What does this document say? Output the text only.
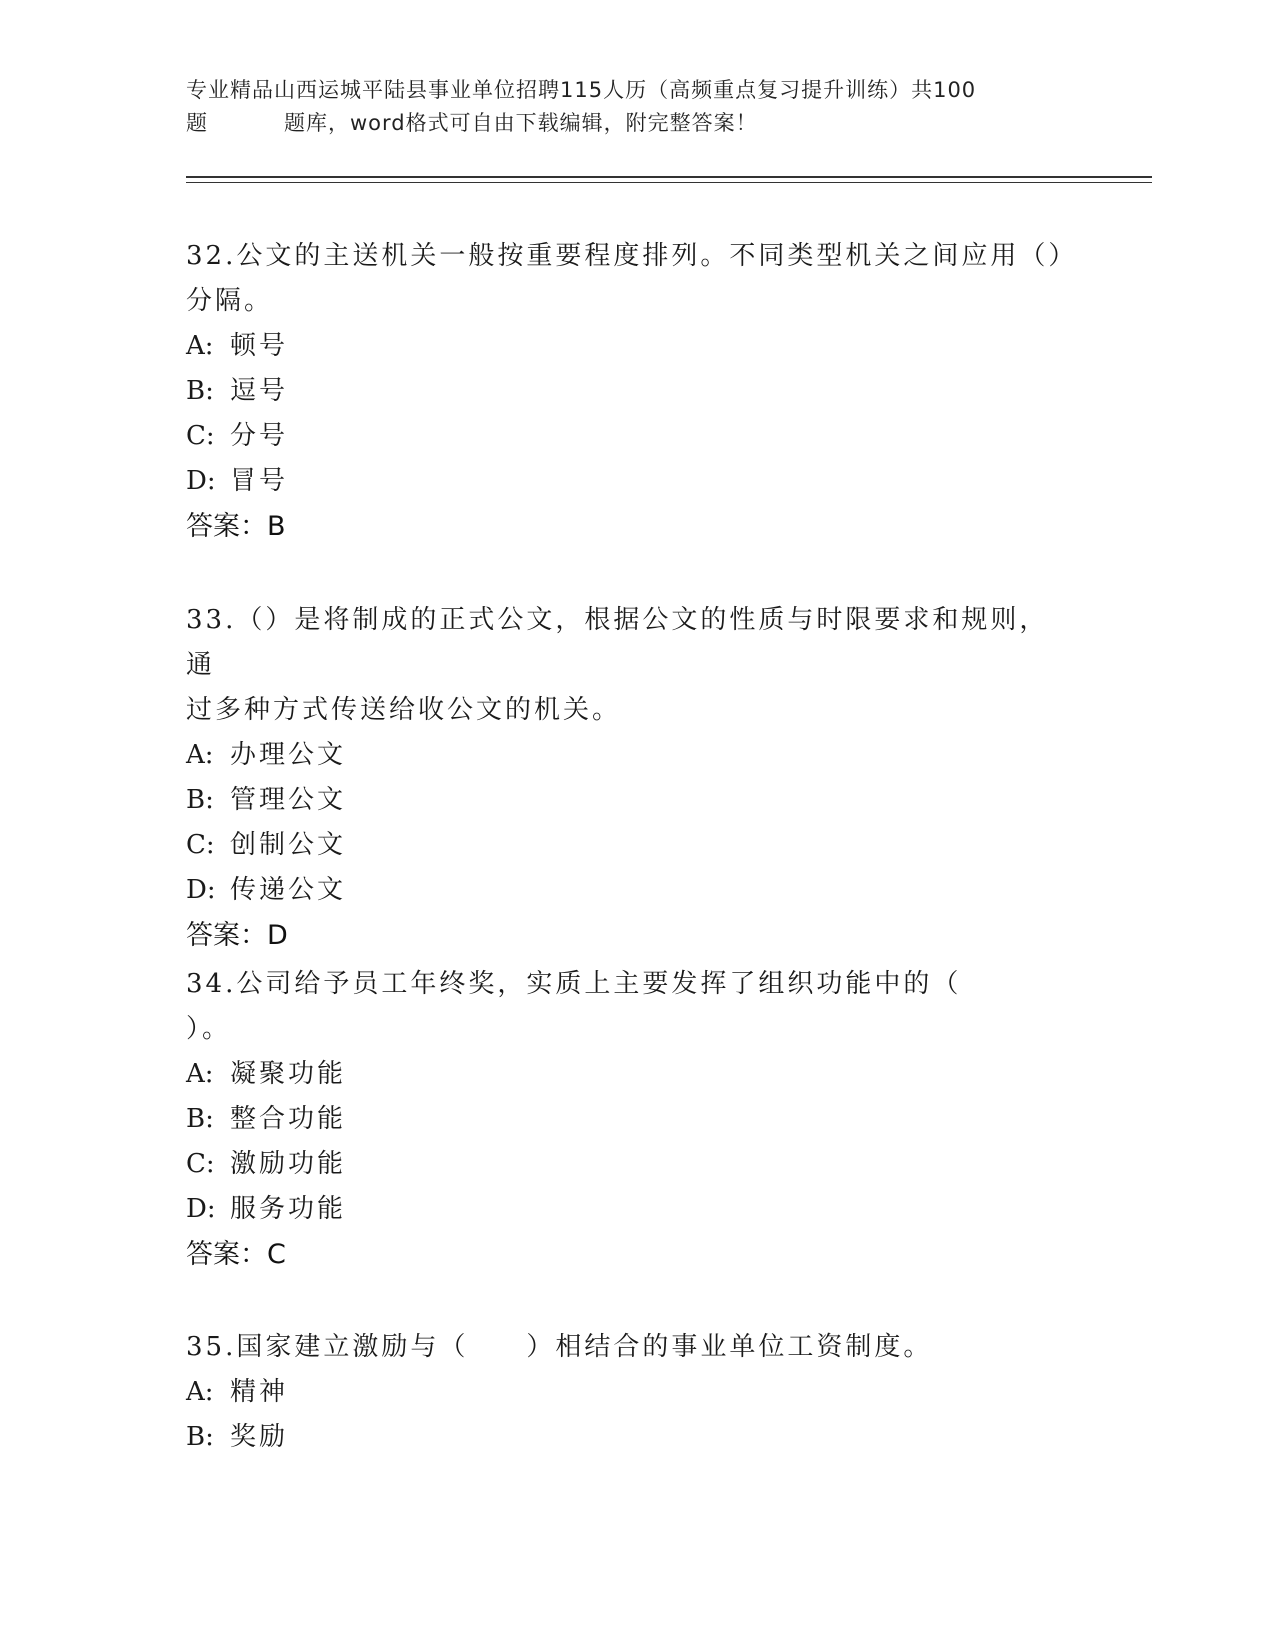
专业精品山西运城平陆县事业单位招聘115人历（高频重点复习提升训练）共100
题	题库，word格式可自由下载编辑，附完整答案！

32.公文的主送机关一般按重要程度排列。不同类型机关之间应用（）

分隔。

A: 顿号

B: 逗号

C: 分号

D: 冒号

答案：B

33.（）是将制成的正式公文，根据公文的性质与时限要求和规则，通

过多种方式传送给收公文的机关。

A: 办理公文

B: 管理公文

C: 创制公文

D: 传递公文

答案：D

34.公司给予员工年终奖，实质上主要发挥了组织功能中的（

）。

A: 凝聚功能

B: 整合功能

C: 激励功能

D: 服务功能

答案：C

35.国家建立激励与（　　）相结合的事业单位工资制度。

A: 精神

B: 奖励
